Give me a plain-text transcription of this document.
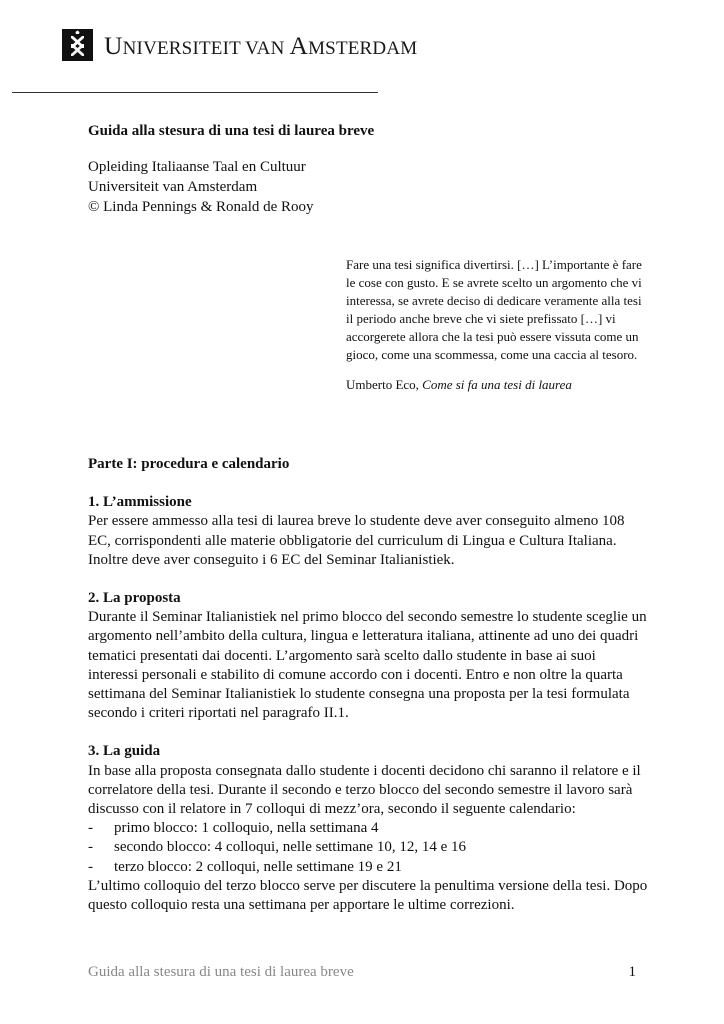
UNIVERSITEIT VAN AMSTERDAM
Guida alla stesura di una tesi di laurea breve
Opleiding Italiaanse Taal en Cultuur
Universiteit van Amsterdam
© Linda Pennings & Ronald de Rooy

Fare una tesi significa divertirsi. […] L’importante è fare le cose con gusto. E se avrete scelto un argomento che vi interessa, se avrete deciso di dedicare veramente alla tesi il periodo anche breve che vi siete prefissato […] vi accorgerete allora che la tesi può essere vissuta come un gioco, come una scommessa, come una caccia al tesoro.

Umberto Eco, Come si fa una tesi di laurea

Parte I: procedura e calendario
1. L’ammissione

Per essere ammesso alla tesi di laurea breve lo studente deve aver conseguito almeno 108 EC, corrispondenti alle materie obbligatorie del curriculum di Lingua e Cultura Italiana. Inoltre deve aver conseguito i 6 EC del Seminar Italianistiek.

2. La proposta

Durante il Seminar Italianistiek nel primo blocco del secondo semestre lo studente sceglie un argomento nell’ambito della cultura, lingua e letteratura italiana, attinente ad uno dei quadri tematici presentati dai docenti. L’argomento sarà scelto dallo studente in base ai suoi interessi personali e stabilito di comune accordo con i docenti. Entro e non oltre la quarta settimana del Seminar Italianistiek lo studente consegna una proposta per la tesi formulata secondo i criteri riportati nel paragrafo II.1.

3. La guida

In base alla proposta consegnata dallo studente i docenti decidono chi saranno il relatore e il correlatore della tesi. Durante il secondo e terzo blocco del secondo semestre il lavoro sarà discusso con il relatore in 7 colloqui di mezz’ora, secondo il seguente calendario:

- primo blocco: 1 colloquio, nella settimana 4
- secondo blocco: 4 colloqui, nelle settimane 10, 12, 14 e 16
- terzo blocco: 2 colloqui, nelle settimane 19 e 21

L’ultimo colloquio del terzo blocco serve per discutere la penultima versione della tesi. Dopo questo colloquio resta una settimana per apportare le ultime correzioni.

Guida alla stesura di una tesi di laurea breve	1
